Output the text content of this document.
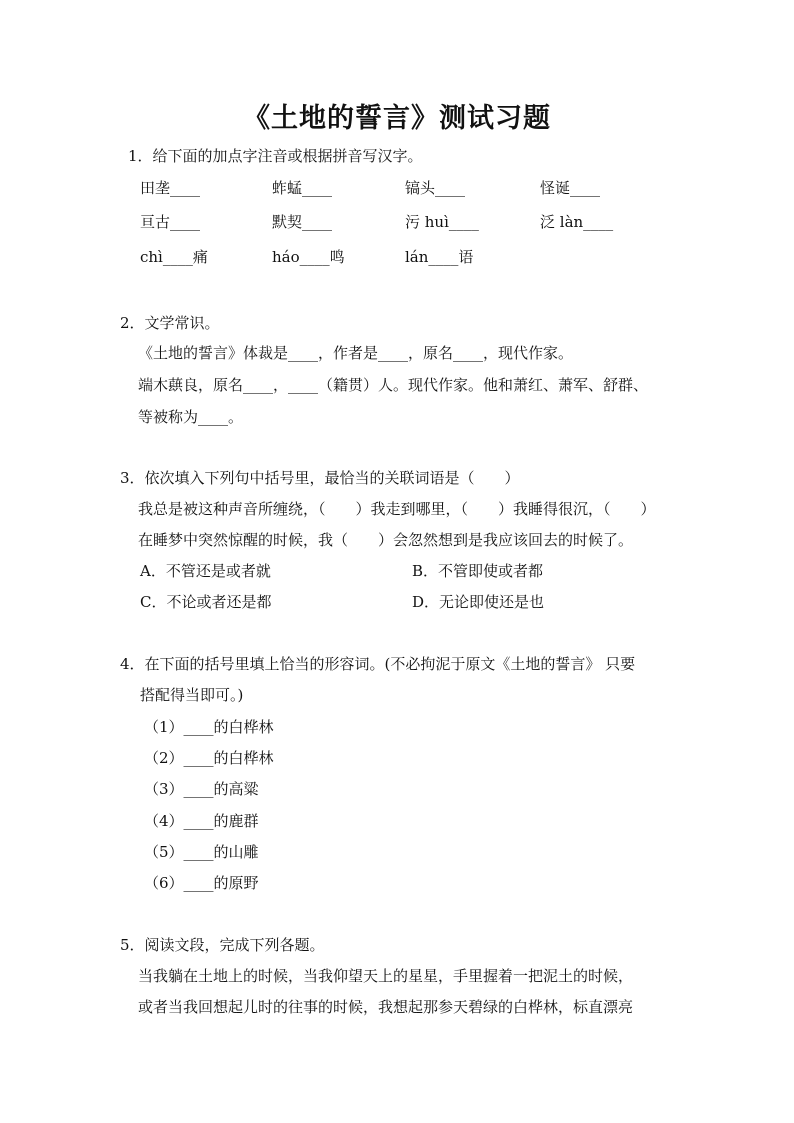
《土地的誓言》测试习题
1．给下面的加点字注音或根据拼音写汉字。
田垄____	蚱蜢____	镐头____	怪诞____
亘古____	默契____	污 huì____	泛 làn____
chì____痛	háo____鸣	lán____语
2．文学常识。
《土地的誓言》体裁是____，作者是____，原名____，现代作家。
端木蕻良，原名____，____（籍贯）人。现代作家。他和萧红、萧军、舒群、
等被称为____。
3．依次填入下列句中括号里，最恰当的关联词语是（　　）
我总是被这种声音所缠绕，（　　）我走到哪里，（　　）我睡得很沉，（　　）
在睡梦中突然惊醒的时候，我（　　）会忽然想到是我应该回去的时候了。
A．不管还是或者就	B．不管即使或者都
C．不论或者还是都	D．无论即使还是也
4．在下面的括号里填上恰当的形容词。(不必拘泥于原文《土地的誓言》 只要
搭配得当即可。)
（1）____的白桦林
（2）____的白桦林
（3）____的高粱
（4）____的鹿群
（5）____的山雕
（6）____的原野
5．阅读文段，完成下列各题。
当我躺在土地上的时候，当我仰望天上的星星，手里握着一把泥土的时候，
或者当我回想起儿时的往事的时候，我想起那参天碧绿的白桦林，标直漂亮
